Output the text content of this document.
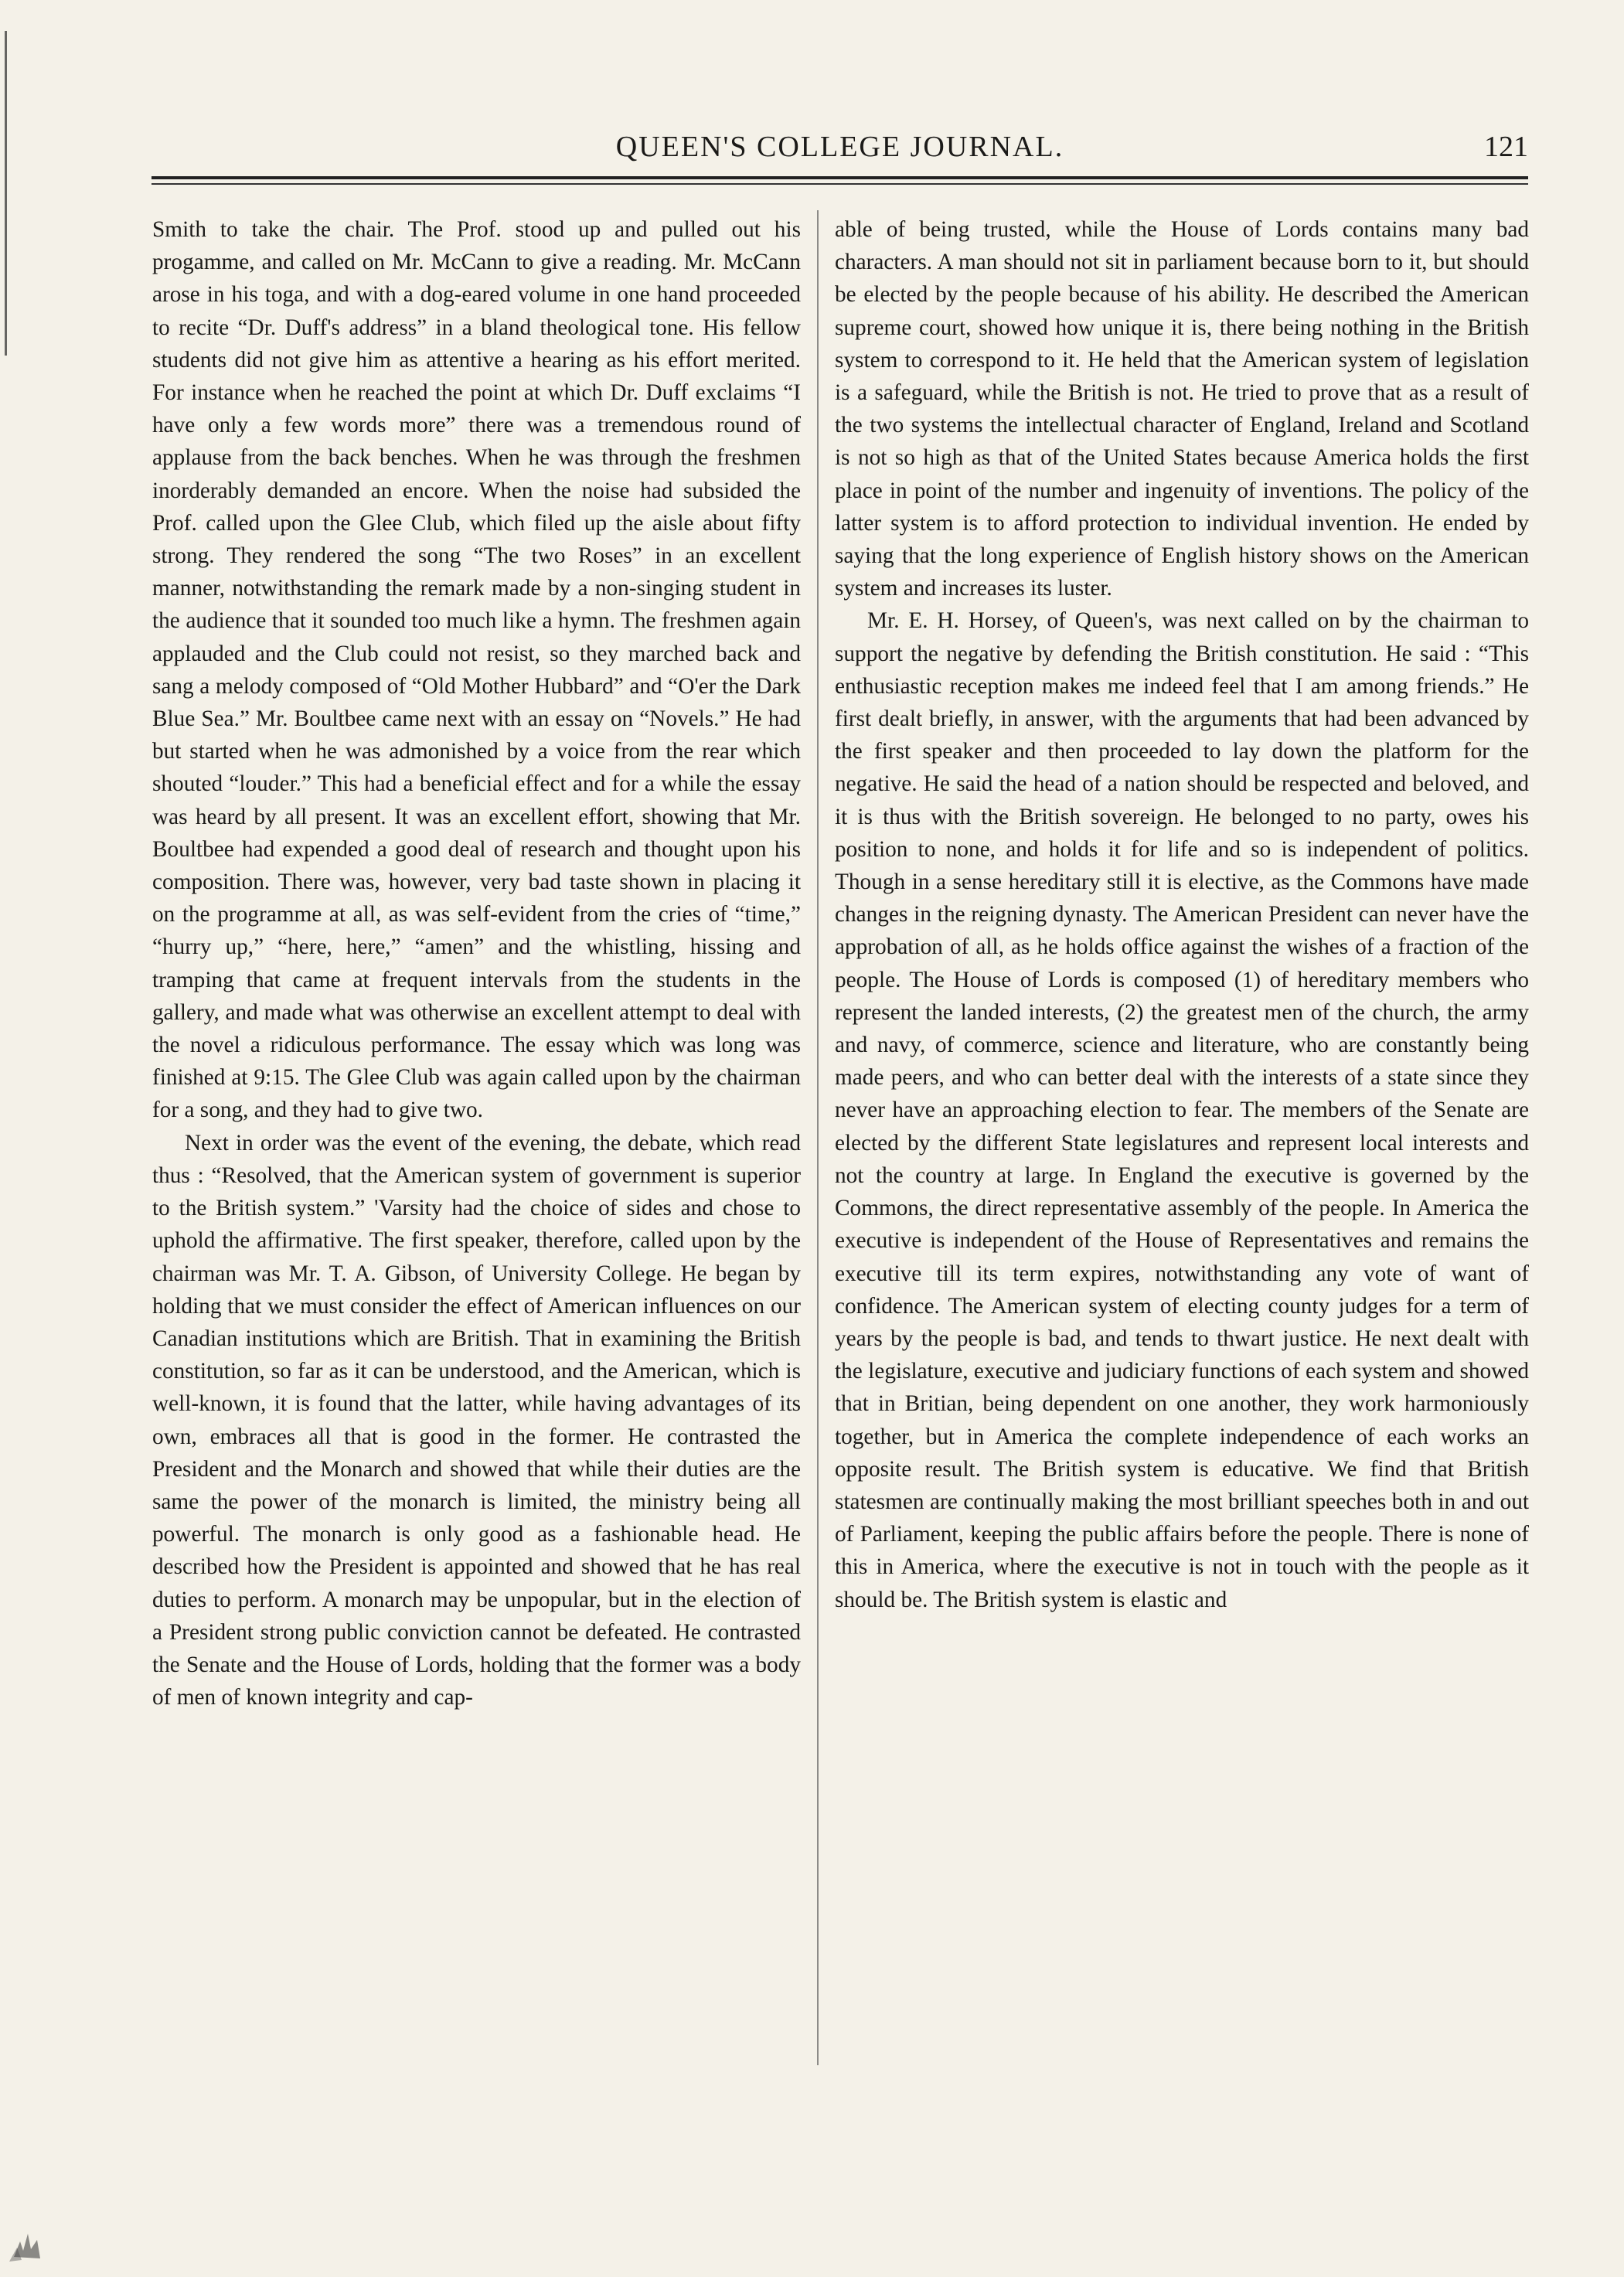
QUEEN'S COLLEGE JOURNAL.	121

Smith to take the chair. The Prof. stood up and pulled out his progamme, and called on Mr. McCann to give a reading. Mr. McCann arose in his toga, and with a dog-eared volume in one hand proceeded to recite “Dr. Duff's address” in a bland theological tone. His fellow students did not give him as attentive a hearing as his effort merited. For instance when he reached the point at which Dr. Duff exclaims “I have only a few words more” there was a tremendous round of applause from the back benches. When he was through the freshmen inorderably demanded an encore. When the noise had subsided the Prof. called upon the Glee Club, which filed up the aisle about fifty strong. They rendered the song “The two Roses” in an excellent manner, notwithstanding the remark made by a non-singing student in the audience that it sounded too much like a hymn. The freshmen again applauded and the Club could not resist, so they marched back and sang a melody composed of “Old Mother Hubbard” and “O'er the Dark Blue Sea.” Mr. Boultbee came next with an essay on “Novels.” He had but started when he was admonished by a voice from the rear which shouted “louder.” This had a beneficial effect and for a while the essay was heard by all present. It was an excellent effort, showing that Mr. Boultbee had expended a good deal of research and thought upon his composition. There was, however, very bad taste shown in placing it on the programme at all, as was self-evident from the cries of “time,” “hurry up,” “here, here,” “amen” and the whistling, hissing and tramping that came at frequent intervals from the students in the gallery, and made what was otherwise an excellent attempt to deal with the novel a ridiculous performance. The essay which was long was finished at 9:15. The Glee Club was again called upon by the chairman for a song, and they had to give two.

Next in order was the event of the evening, the debate, which read thus : “Resolved, that the American system of government is superior to the British system.” 'Varsity had the choice of sides and chose to uphold the affirmative. The first speaker, therefore, called upon by the chairman was Mr. T. A. Gibson, of University College. He began by holding that we must consider the effect of American influences on our Canadian institutions which are British. That in examining the British constitution, so far as it can be understood, and the American, which is well-known, it is found that the latter, while having advantages of its own, embraces all that is good in the former. He contrasted the President and the Monarch and showed that while their duties are the same the power of the monarch is limited, the ministry being all powerful. The monarch is only good as a fashionable head. He described how the President is appointed and showed that he has real duties to perform. A monarch may be unpopular, but in the election of a President strong public conviction cannot be defeated. He contrasted the Senate and the House of Lords, holding that the former was a body of men of known integrity and cap-

able of being trusted, while the House of Lords contains many bad characters. A man should not sit in parliament because born to it, but should be elected by the people because of his ability. He described the American supreme court, showed how unique it is, there being nothing in the British system to correspond to it. He held that the American system of legislation is a safeguard, while the British is not. He tried to prove that as a result of the two systems the intellectual character of England, Ireland and Scotland is not so high as that of the United States because America holds the first place in point of the number and ingenuity of inventions. The policy of the latter system is to afford protection to individual invention. He ended by saying that the long experience of English history shows on the American system and increases its luster.

Mr. E. H. Horsey, of Queen's, was next called on by the chairman to support the negative by defending the British constitution. He said : “This enthusiastic reception makes me indeed feel that I am among friends.” He first dealt briefly, in answer, with the arguments that had been advanced by the first speaker and then proceeded to lay down the platform for the negative. He said the head of a nation should be respected and beloved, and it is thus with the British sovereign. He belonged to no party, owes his position to none, and holds it for life and so is independent of politics. Though in a sense hereditary still it is elective, as the Commons have made changes in the reigning dynasty. The American President can never have the approbation of all, as he holds office against the wishes of a fraction of the people. The House of Lords is composed (1) of hereditary members who represent the landed interests, (2) the greatest men of the church, the army and navy, of commerce, science and literature, who are constantly being made peers, and who can better deal with the interests of a state since they never have an approaching election to fear. The members of the Senate are elected by the different State legislatures and represent local interests and not the country at large. In England the executive is governed by the Commons, the direct representative assembly of the people. In America the executive is independent of the House of Representatives and remains the executive till its term expires, notwithstanding any vote of want of confidence. The American system of electing county judges for a term of years by the people is bad, and tends to thwart justice. He next dealt with the legislature, executive and judiciary functions of each system and showed that in Britian, being dependent on one another, they work harmoniously together, but in America the complete independence of each works an opposite result. The British system is educative. We find that British statesmen are continually making the most brilliant speeches both in and out of Parliament, keeping the public affairs before the people. There is none of this in America, where the executive is not in touch with the people as it should be. The British system is elastic and
